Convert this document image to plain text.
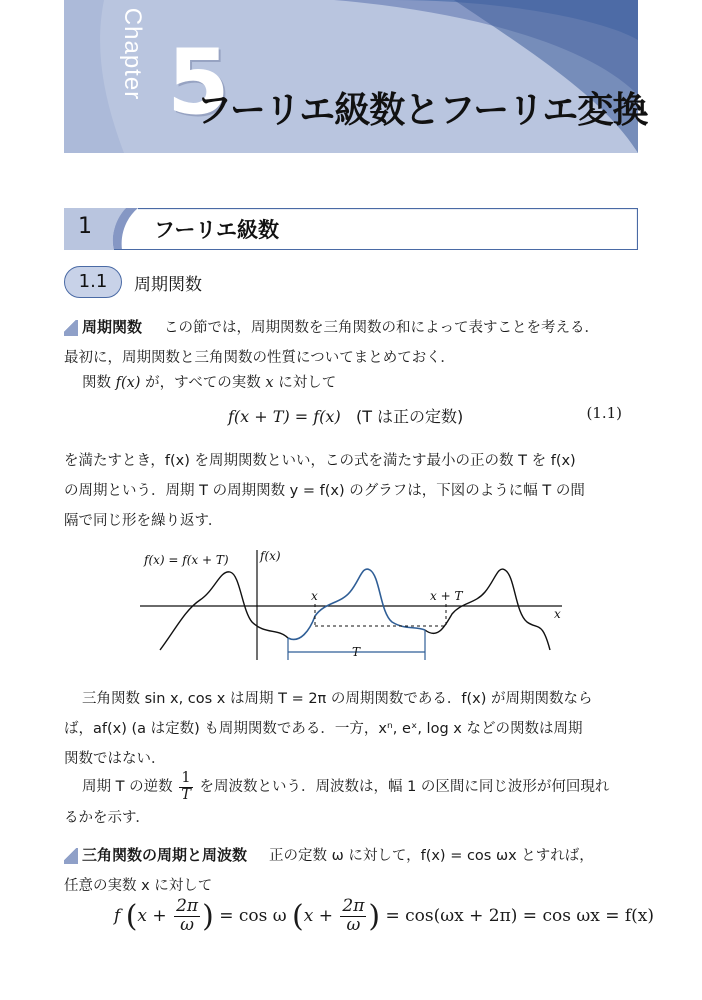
Chapter 5
フーリエ級数とフーリエ変換
1	フーリエ級数
1.1	周期関数
周期関数 この節では，周期関数を三角関数の和によって表すことを考える．
最初に，周期関数と三角関数の性質についてまとめておく．
関数 f(x) が，すべての実数 x に対して
f(x + T) = f(x) (T は正の定数)	(1.1)
を満たすとき，f(x) を周期関数といい，この式を満たす最小の正の数 T を f(x)
の周期という．周期 T の周期関数 y = f(x) のグラフは，下図のように幅 T の間
隔で同じ形を繰り返す．
f(x) = f(x + T)	f(x)
x	x + T
x
T
三角関数 sin x, cos x は周期 T = 2π の周期関数である．f(x) が周期関数なら
ば，af(x) (a は定数) も周期関数である．一方，xⁿ, eˣ, log x などの関数は周期
関数ではない．
周期 T の逆数 $\frac{1}{T}$ を周波数という．周波数は，幅 1 の区間に同じ波形が何回現れ
るかを示す．
三角関数の周期と周波数 正の定数 ω に対して，f(x) = cos ωx とすれば，
任意の実数 x に対して
f ($x + \frac{2\pi}{\omega}$ ) = cos ω ($x + \frac{2\pi}{\omega}$ ) = cos(ωx + 2π) = cos ωx = f(x)
